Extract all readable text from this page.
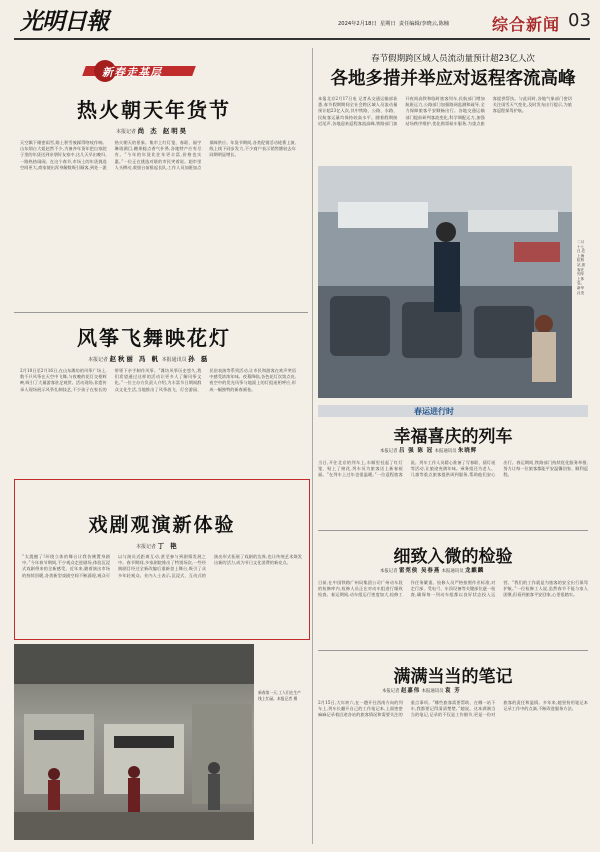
光明日報	2024年2月18日 星期日 责任编辑/李晓云,陈楠	综合新闻 03
新春走基层
热火朝天年货节
本报记者 尚 杰 赵明昊
天空飘下细密雨雪,路上积雪被踩得咯吱作响。山东烟台大姐赵然不少,为备齐年货年把自家院子里的年货送到亲朋好友家中,这几天早出晚归,一路热热闹闹。在这个春节,市场上的年货挑选空间更大,商家使出浑身解数吸引顾客,到处一派热火朝天的景象。集市上红灯笼、春联、福字琳琅满目,糖果糕点香气扑鼻,各地特产应有尽有。“今年的年货比往年更丰富,价格也实惠。”一位正在挑选对联的市民笑着说。超市里人头攒动,收银台前排起长队,工作人员加班加点保障供应。年货节期间,各类促销活动轮番上演,线上线下同步发力,不少商户表示销售额较去年同期明显增长。
风筝飞舞映花灯
本报记者 赵秋丽 冯 帆 本报通讯员 孙 磊
2月10日至2月16日,在山东潍坊的风筝广场上,数千只风筝在天空中飞舞,与夜晚的花灯交相辉映,吸引了大量游客驻足观赏。活动现场,非遗传承人现场展示风筝扎制技艺,不少孩子在家长的带领下亲手制作风筝。“潍坊风筝历史悠久,我们希望通过这样的活动让更多人了解风筝文化。”一位主办方负责人介绍,为丰富节日期间群众文化生活,当地推出了风筝放飞、灯会游园、民俗表演等系列活动,让市民和游客在欢声笑语中感受浓浓年味。夜幕降临,各色花灯次第点亮,夜空中的发光风筝与地面上的灯组遥相呼应,形成一幅独特的新春画卷。
戏剧观演新体验
本报记者 丁 艳
“太震撼了!环绕立体的舞台让我仿佛置身剧中。”今年春节期间,不少观众走进剧场,体验沉浸式戏剧带来的全新感受。近年来,随着演出市场的持续回暖,各类新型戏剧空间不断涌现,观众可以与演员近距离互动,甚至参与到剧情发展之中。春节期间,多家剧院推出了特别场次,一些经典剧目经过全新改编后重新登上舞台,吸引了众多年轻观众。业内人士表示,沉浸式、互动式的演出形式拓展了戏剧的边界,也让传统艺术焕发出新的活力,成为节日文化消费的新亮点。
新春第一天,工人们在生产线上忙碌。本报记者 摄
春节假期跨区域人员流动量预计超23亿人次
各地多措并举应对返程客流高峰
本报北京2月17日电 记者从交通运输部获悉,春节假期期间全社会跨区域人员流动量预计超23亿人次,其中铁路、公路、水路、民航客运量均保持较高水平。随着假期接近尾声,各地迎来返程客流高峰,铁路部门加开夜间高铁和临时旅客列车,民航部门增加航班运力,公路部门加强路网监测和疏导,全力保障旅客平安顺畅出行。各地交通运输部门提前研判客流变化,科学调配运力,加强站场秩序维护,优化购票候车服务,为重点旅客提供帮扶。与此同时,各地气象部门密切关注雨雪天气变化,及时发布出行提示,为旅客返程保驾护航。
二月十七日,在上海虹桥站,旅客在列车上休息。新华社发
春运进行时
幸福喜庆的列车
本报记者 吕 强 陈 冠 本报通讯员 朱晓辉
当日,开往北京的列车上,车厢里挂起了红灯笼、贴上了窗花,列车员为旅客送上新春祝福。“在列车上过年也很温暖。”一位返程旅客说。列车工作人员精心准备了写春联、猜灯谜等活动,让旅途充满年味。乘务组还为老人、儿童等重点旅客提供周到服务,帮助他们安心出行。春运期间,铁路部门持续优化服务举措,努力让每一位旅客都能平安温馨回家、顺利返程。
细致入微的检验
本报记者 雷莞侯 吴春燕 本报通讯员 龙麒麟
日前,在中国铁路广州局集团公司广州动车段的检修库内,检修人员正在对动车组进行细致检查。春运期间,动车组运行密度加大,检修工作任务繁重。检修人员严格按照作业标准,对走行部、受电弓、车顶设备等关键部位逐一检查,确保每一列动车组都以良好状态投入运营。“我们的工作就是为旅客的安全出行保驾护航。”一位检修工人说,虽然春节不能与家人团聚,但看到旅客平安回家,心里很踏实。
满满当当的笔记
本报记者 赵嘉伟 本报通讯员 袁 芳
2月15日,大年初六,在一趟开往西南方向的列车上,列车长翻开自己的工作笔记本,上面密密麻麻记录着沿途各站的旅客情况和需要关注的重点事项。“哪些旅客需要帮助、在哪一站下车,我都要记得清清楚楚。”她说。这本满满当当的笔记,记录的不仅是工作细节,更是一份对旅客的责任和温情。多年来,她坚持用笔记本记录工作中的点滴,不断改进服务方法。
